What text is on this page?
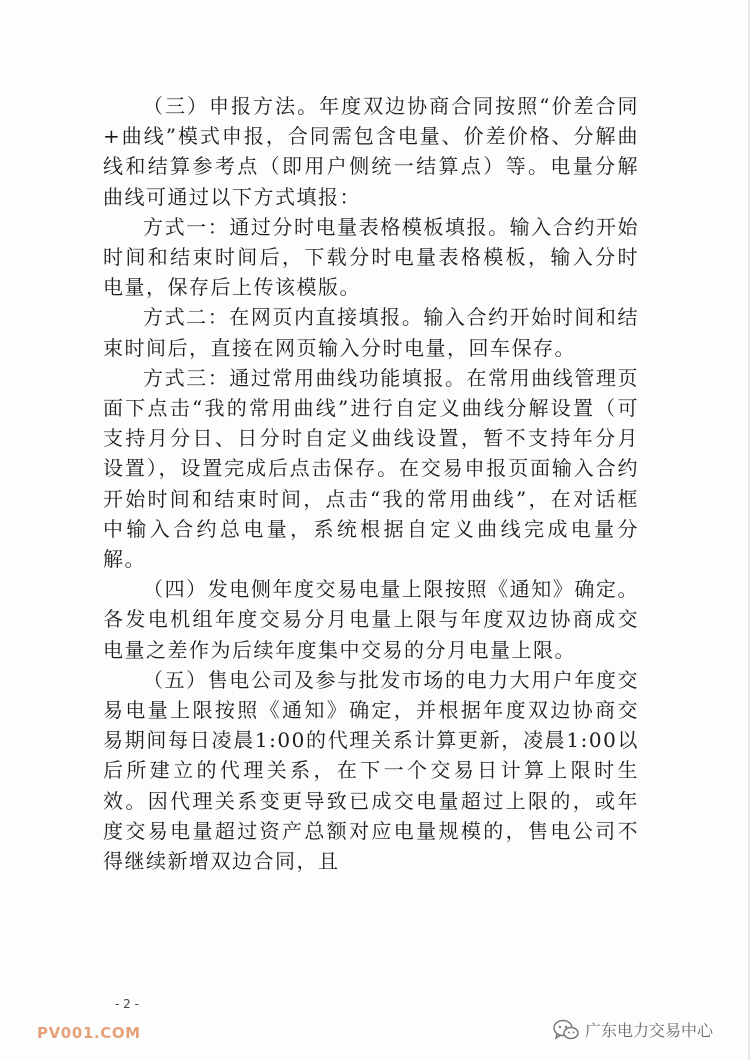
（三）申报方法。年度双边协商合同按照“价差合同+曲线”模式申报，合同需包含电量、价差价格、分解曲线和结算参考点（即用户侧统一结算点）等。电量分解曲线可通过以下方式填报：

方式一：通过分时电量表格模板填报。输入合约开始时间和结束时间后，下载分时电量表格模板，输入分时电量，保存后上传该模版。

方式二：在网页内直接填报。输入合约开始时间和结束时间后，直接在网页输入分时电量，回车保存。

方式三：通过常用曲线功能填报。在常用曲线管理页面下点击“我的常用曲线”进行自定义曲线分解设置（可支持月分日、日分时自定义曲线设置，暂不支持年分月设置），设置完成后点击保存。在交易申报页面输入合约开始时间和结束时间，点击“我的常用曲线”，在对话框中输入合约总电量，系统根据自定义曲线完成电量分解。

（四）发电侧年度交易电量上限按照《通知》确定。各发电机组年度交易分月电量上限与年度双边协商成交电量之差作为后续年度集中交易的分月电量上限。

（五）售电公司及参与批发市场的电力大用户年度交易电量上限按照《通知》确定，并根据年度双边协商交易期间每日凌晨1:00的代理关系计算更新，凌晨1:00以后所建立的代理关系，在下一个交易日计算上限时生效。因代理关系变更导致已成交电量超过上限的，或年度交易电量超过资产总额对应电量规模的，售电公司不得继续新增双边合同，且

- 2 -
PV001.COM	广东电力交易中心
